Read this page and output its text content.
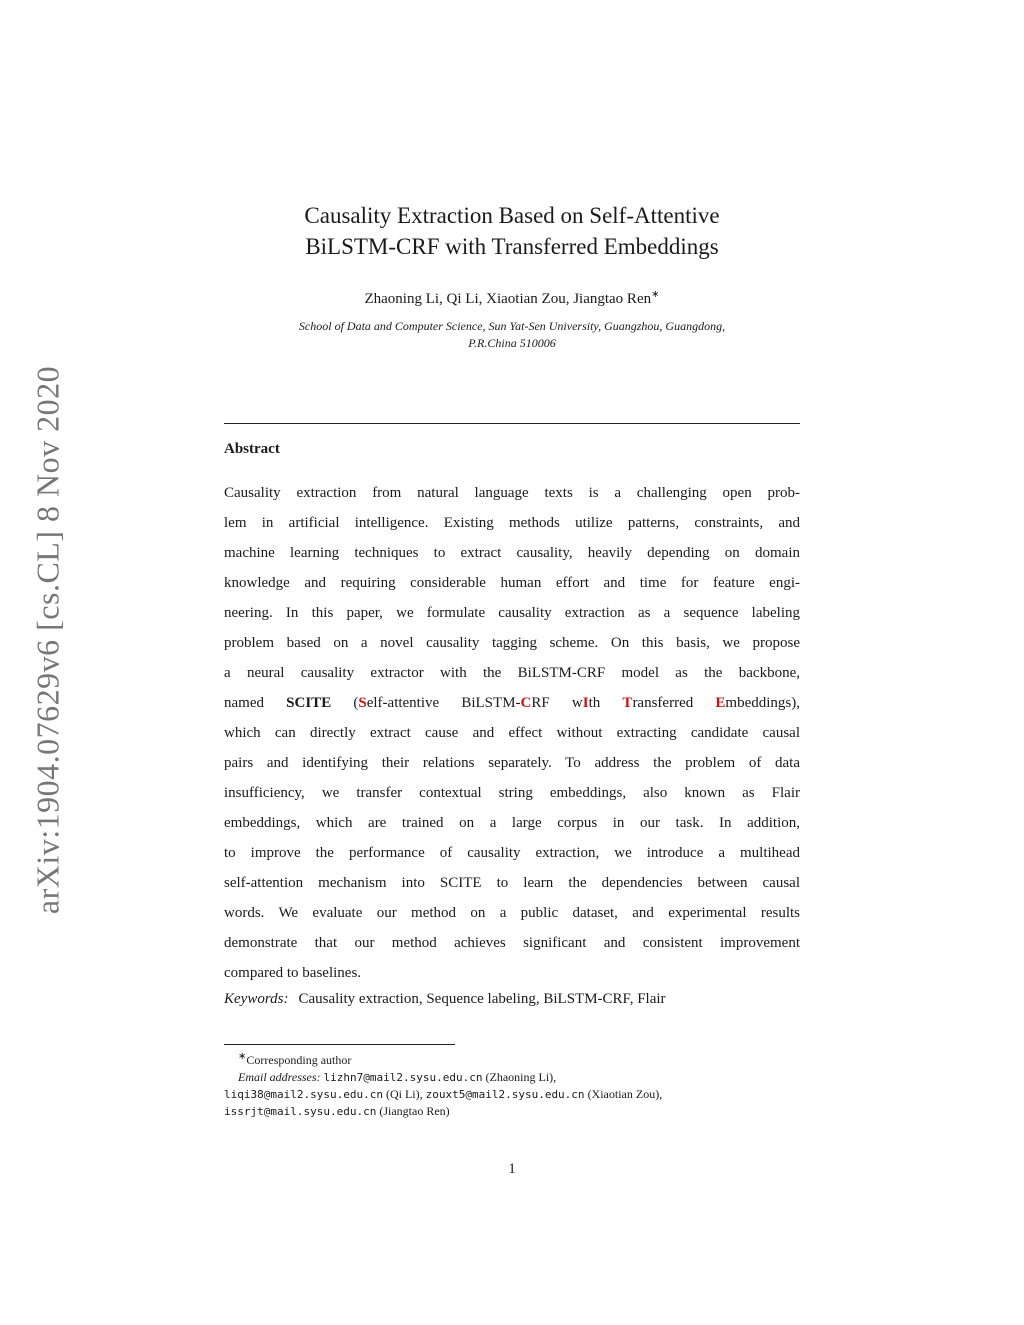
arXiv:1904.07629v6 [cs.CL] 8 Nov 2020
Causality Extraction Based on Self-Attentive
BiLSTM-CRF with Transferred Embeddings
Zhaoning Li, Qi Li, Xiaotian Zou, Jiangtao Ren∗
School of Data and Computer Science, Sun Yat-Sen University, Guangzhou, Guangdong,
P.R.China 510006
Abstract
Causality extraction from natural language texts is a challenging open prob-
lem in artificial intelligence. Existing methods utilize patterns, constraints, and
machine learning techniques to extract causality, heavily depending on domain
knowledge and requiring considerable human effort and time for feature engi-
neering. In this paper, we formulate causality extraction as a sequence labeling
problem based on a novel causality tagging scheme. On this basis, we propose
a neural causality extractor with the BiLSTM-CRF model as the backbone,
named SCITE (Self-attentive BiLSTM-CRF wIth Transferred Embeddings),
which can directly extract cause and effect without extracting candidate causal
pairs and identifying their relations separately. To address the problem of data
insufficiency, we transfer contextual string embeddings, also known as Flair
embeddings, which are trained on a large corpus in our task. In addition,
to improve the performance of causality extraction, we introduce a multihead
self-attention mechanism into SCITE to learn the dependencies between causal
words. We evaluate our method on a public dataset, and experimental results
demonstrate that our method achieves significant and consistent improvement
compared to baselines.
Keywords: Causality extraction, Sequence labeling, BiLSTM-CRF, Flair
∗Corresponding author
Email addresses: lizhn7@mail2.sysu.edu.cn (Zhaoning Li),
liqi38@mail2.sysu.edu.cn (Qi Li), zouxt5@mail2.sysu.edu.cn (Xiaotian Zou),
issrjt@mail.sysu.edu.cn (Jiangtao Ren)
1
